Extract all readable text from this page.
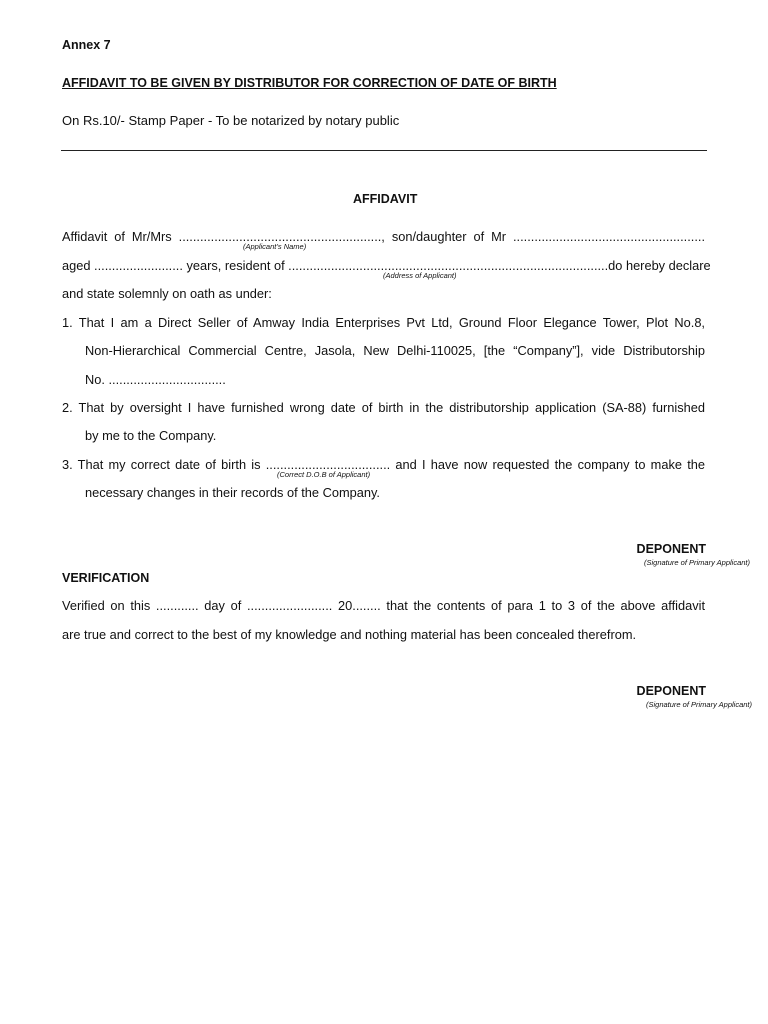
Annex 7
AFFIDAVIT TO BE GIVEN BY DISTRIBUTOR FOR CORRECTION OF DATE OF BIRTH
On Rs.10/- Stamp Paper - To be notarized by notary public
AFFIDAVIT
Affidavit of Mr/Mrs ........................................................., son/daughter of Mr ......................................................
(Applicant’s Name)
aged ......................... years, resident of ..........................................................................................do hereby declare
(Address of Applicant)
and state solemnly on oath as under:
1. That I am a Direct Seller of Amway India Enterprises Pvt Ltd, Ground Floor Elegance Tower, Plot No.8,
Non-Hierarchical Commercial Centre, Jasola, New Delhi-110025, [the “Company”], vide Distributorship
No. .................................
2. That by oversight I have furnished wrong date of birth in the distributorship application (SA-88) furnished
by me to the Company.
3. That my correct date of birth is ................................... and I have now requested the company to make the
(Correct D.O.B of Applicant)
necessary changes in their records of the Company.
DEPONENT
(Signature of Primary Applicant)
VERIFICATION
Verified on this ............ day of ........................ 20........ that the contents of para 1 to 3 of the above affidavit
are true and correct to the best of my knowledge and nothing material has been concealed therefrom.
DEPONENT
(Signature of Primary Applicant)
